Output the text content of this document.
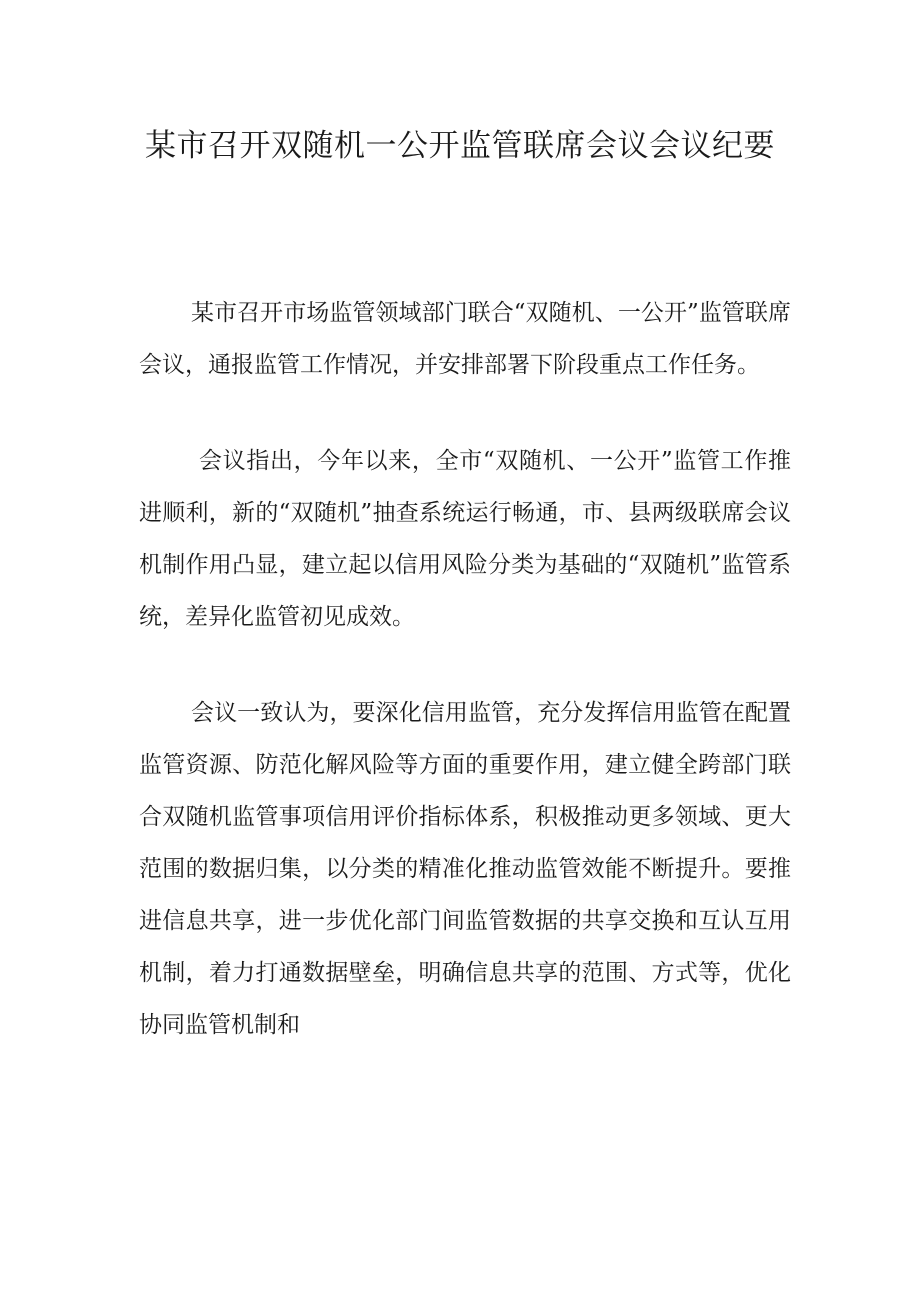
某市召开双随机一公开监管联席会议会议纪要

某市召开市场监管领域部门联合“双随机、一公开”监管联席会议，通报监管工作情况，并安排部署下阶段重点工作任务。

会议指出，今年以来，全市“双随机、一公开”监管工作推进顺利，新的“双随机”抽查系统运行畅通，市、县两级联席会议机制作用凸显，建立起以信用风险分类为基础的“双随机”监管系统，差异化监管初见成效。

会议一致认为，要深化信用监管，充分发挥信用监管在配置监管资源、防范化解风险等方面的重要作用，建立健全跨部门联合双随机监管事项信用评价指标体系，积极推动更多领域、更大范围的数据归集，以分类的精准化推动监管效能不断提升。要推进信息共享，进一步优化部门间监管数据的共享交换和互认互用机制，着力打通数据壁垒，明确信息共享的范围、方式等，优化协同监管机制和
